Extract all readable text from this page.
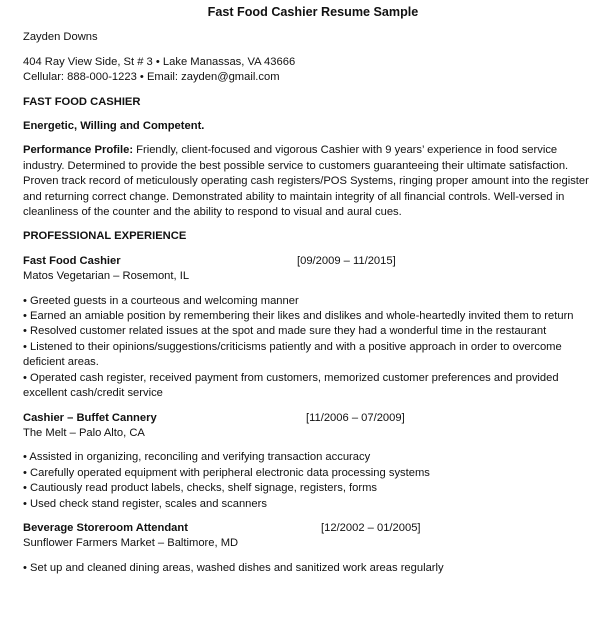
Fast Food Cashier Resume Sample

Zayden Downs

404 Ray View Side, St # 3 • Lake Manassas, VA 43666

Cellular: 888-000-1223 • Email: zayden@gmail.com

FAST FOOD CASHIER

Energetic, Willing and Competent.

Performance Profile: Friendly, client-focused and vigorous Cashier with 9 years’ experience in food service industry. Determined to provide the best possible service to customers guaranteeing their ultimate satisfaction. Proven track record of meticulously operating cash registers/POS Systems, ringing proper amount into the register and returning correct change. Demonstrated ability to maintain integrity of all financial controls. Well-versed in cleanliness of the counter and the ability to respond to visual and aural cues.

PROFESSIONAL EXPERIENCE

Fast Food Cashier	[09/2009 – 11/2015]

Matos Vegetarian – Rosemont, IL

• Greeted guests in a courteous and welcoming manner
• Earned an amiable position by remembering their likes and dislikes and whole-heartedly invited them to return
• Resolved customer related issues at the spot and made sure they had a wonderful time in the restaurant
• Listened to their opinions/suggestions/criticisms patiently and with a positive approach in order to overcome deficient areas.
• Operated cash register, received payment from customers, memorized customer preferences and provided excellent cash/credit service
Cashier – Buffet Cannery	[11/2006 – 07/2009]

The Melt – Palo Alto, CA

• Assisted in organizing, reconciling and verifying transaction accuracy
• Carefully operated equipment with peripheral electronic data processing systems
• Cautiously read product labels, checks, shelf signage, registers, forms
• Used check stand register, scales and scanners
Beverage Storeroom Attendant	[12/2002 – 01/2005]

Sunflower Farmers Market – Baltimore, MD

• Set up and cleaned dining areas, washed dishes and sanitized work areas regularly
